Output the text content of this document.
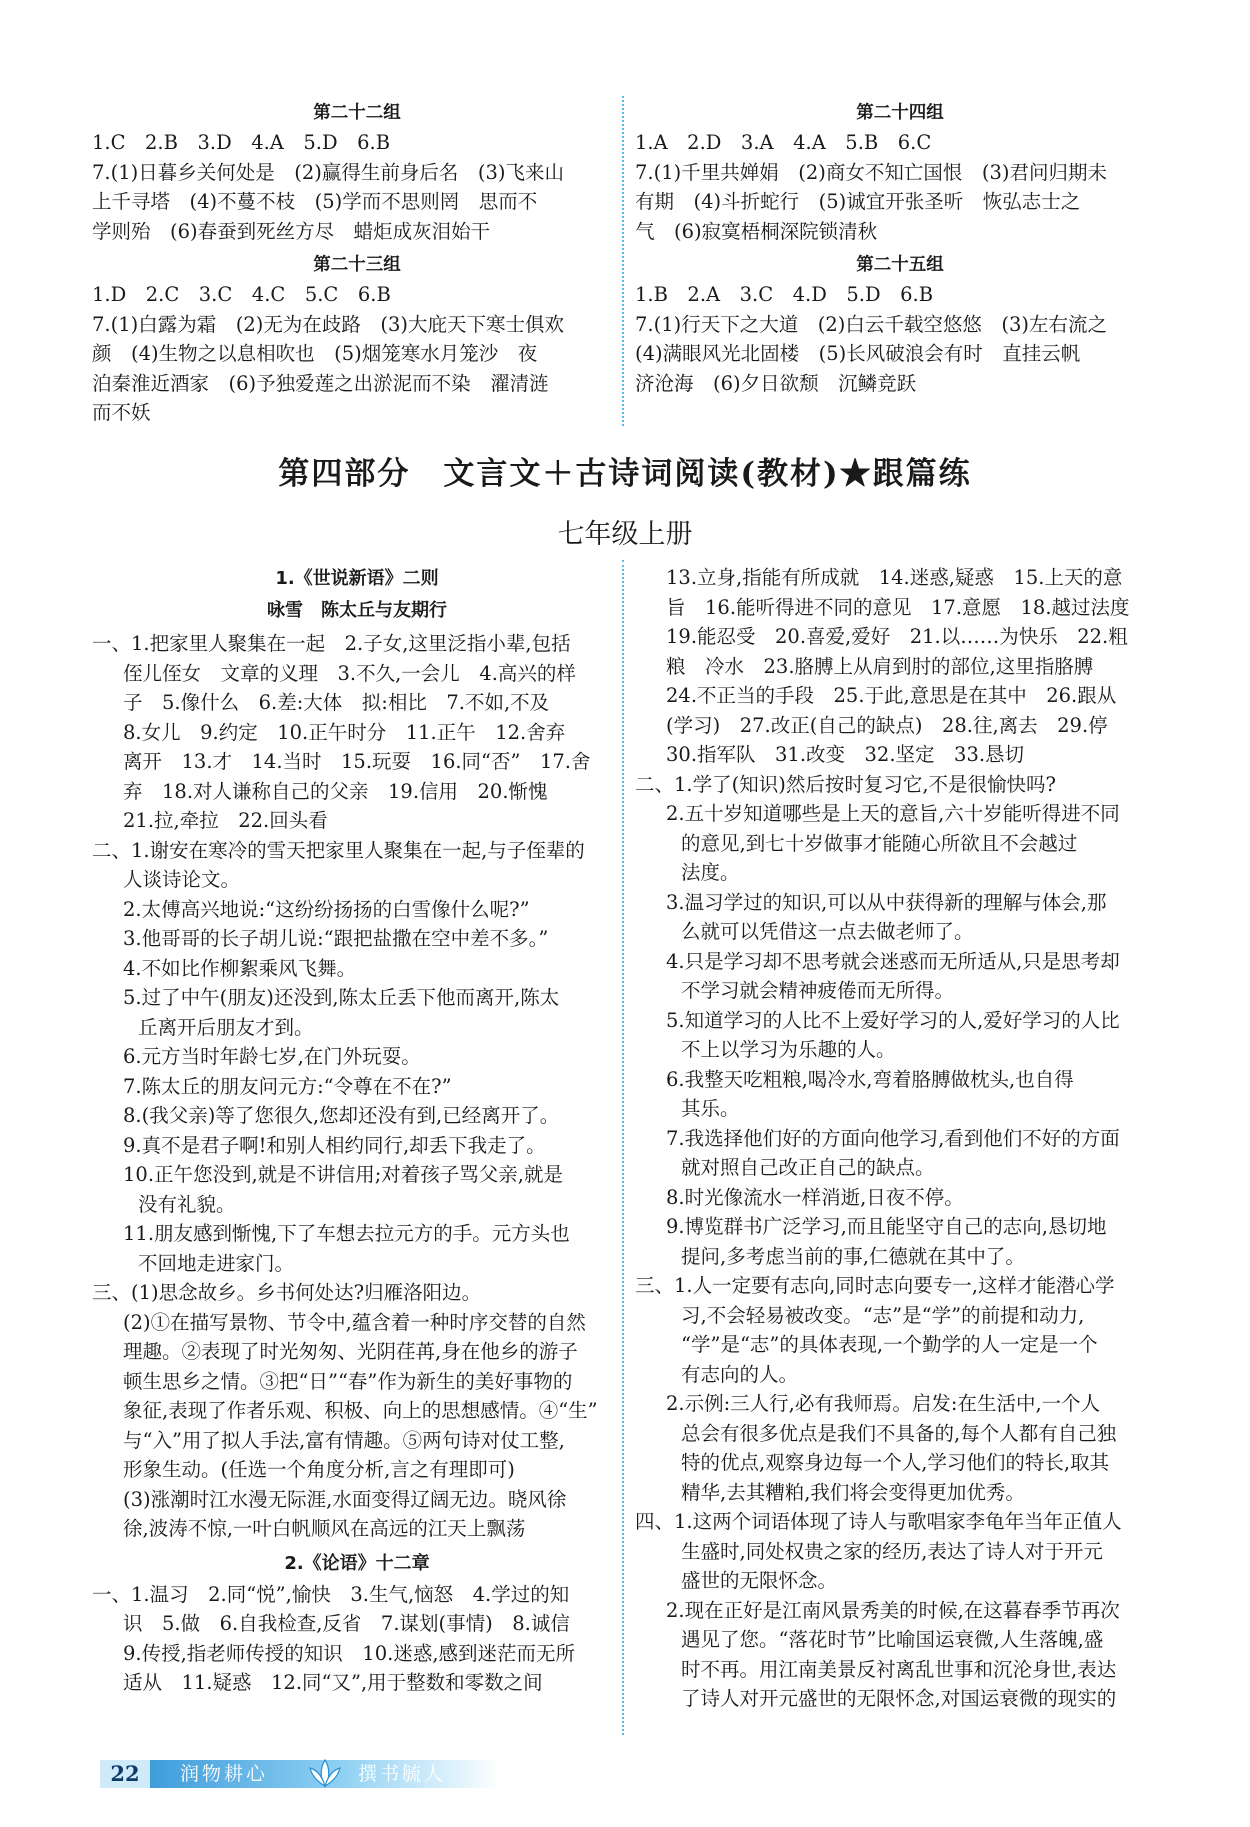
第二十二组
1.C　2.B　3.D　4.A　5.D　6.B
7.(1)日暮乡关何处是　(2)赢得生前身后名　(3)飞来山
上千寻塔　(4)不蔓不枝　(5)学而不思则罔　思而不
学则殆　(6)春蚕到死丝方尽　蜡炬成灰泪始干
第二十三组
1.D　2.C　3.C　4.C　5.C　6.B
7.(1)白露为霜　(2)无为在歧路　(3)大庇天下寒士俱欢
颜　(4)生物之以息相吹也　(5)烟笼寒水月笼沙　夜
泊秦淮近酒家　(6)予独爱莲之出淤泥而不染　濯清涟
而不妖
第二十四组
1.A　2.D　3.A　4.A　5.B　6.C
7.(1)千里共婵娟　(2)商女不知亡国恨　(3)君问归期未
有期　(4)斗折蛇行　(5)诚宜开张圣听　恢弘志士之
气　(6)寂寞梧桐深院锁清秋
第二十五组
1.B　2.A　3.C　4.D　5.D　6.B
7.(1)行天下之大道　(2)白云千载空悠悠　(3)左右流之
(4)满眼风光北固楼　(5)长风破浪会有时　直挂云帆
济沧海　(6)夕日欲颓　沉鳞竞跃
第四部分　文言文＋古诗词阅读(教材)★跟篇练
七年级上册
1.《世说新语》二则
咏雪　陈太丘与友期行
一、1.把家里人聚集在一起　2.子女,这里泛指小辈,包括
侄儿侄女　文章的义理　3.不久,一会儿　4.高兴的样
子　5.像什么　6.差:大体　拟:相比　7.不如,不及
8.女儿　9.约定　10.正午时分　11.正午　12.舍弃
离开　13.才　14.当时　15.玩耍　16.同“否”　17.舍
弃　18.对人谦称自己的父亲　19.信用　20.惭愧
21.拉,牵拉　22.回头看
二、1.谢安在寒冷的雪天把家里人聚集在一起,与子侄辈的
人谈诗论文。
2.太傅高兴地说:“这纷纷扬扬的白雪像什么呢?”
3.他哥哥的长子胡儿说:“跟把盐撒在空中差不多。”
4.不如比作柳絮乘风飞舞。
5.过了中午(朋友)还没到,陈太丘丢下他而离开,陈太
丘离开后朋友才到。
6.元方当时年龄七岁,在门外玩耍。
7.陈太丘的朋友问元方:“令尊在不在?”
8.(我父亲)等了您很久,您却还没有到,已经离开了。
9.真不是君子啊!和别人相约同行,却丢下我走了。
10.正午您没到,就是不讲信用;对着孩子骂父亲,就是
没有礼貌。
11.朋友感到惭愧,下了车想去拉元方的手。元方头也
不回地走进家门。
三、(1)思念故乡。乡书何处达?归雁洛阳边。
(2)①在描写景物、节令中,蕴含着一种时序交替的自然
理趣。②表现了时光匆匆、光阴荏苒,身在他乡的游子
顿生思乡之情。③把“日”“春”作为新生的美好事物的
象征,表现了作者乐观、积极、向上的思想感情。④“生”
与“入”用了拟人手法,富有情趣。⑤两句诗对仗工整,
形象生动。(任选一个角度分析,言之有理即可)
(3)涨潮时江水漫无际涯,水面变得辽阔无边。晓风徐
徐,波涛不惊,一叶白帆顺风在高远的江天上飘荡
2.《论语》十二章
一、1.温习　2.同“悦”,愉快　3.生气,恼怒　4.学过的知
识　5.做　6.自我检查,反省　7.谋划(事情)　8.诚信
9.传授,指老师传授的知识　10.迷惑,感到迷茫而无所
适从　11.疑惑　12.同“又”,用于整数和零数之间
13.立身,指能有所成就　14.迷惑,疑惑　15.上天的意
旨　16.能听得进不同的意见　17.意愿　18.越过法度
19.能忍受　20.喜爱,爱好　21.以……为快乐　22.粗
粮　冷水　23.胳膊上从肩到肘的部位,这里指胳膊
24.不正当的手段　25.于此,意思是在其中　26.跟从
(学习)　27.改正(自己的缺点)　28.往,离去　29.停
30.指军队　31.改变　32.坚定　33.恳切
二、1.学了(知识)然后按时复习它,不是很愉快吗?
2.五十岁知道哪些是上天的意旨,六十岁能听得进不同
的意见,到七十岁做事才能随心所欲且不会越过
法度。
3.温习学过的知识,可以从中获得新的理解与体会,那
么就可以凭借这一点去做老师了。
4.只是学习却不思考就会迷惑而无所适从,只是思考却
不学习就会精神疲倦而无所得。
5.知道学习的人比不上爱好学习的人,爱好学习的人比
不上以学习为乐趣的人。
6.我整天吃粗粮,喝冷水,弯着胳膊做枕头,也自得
其乐。
7.我选择他们好的方面向他学习,看到他们不好的方面
就对照自己改正自己的缺点。
8.时光像流水一样消逝,日夜不停。
9.博览群书广泛学习,而且能坚守自己的志向,恳切地
提问,多考虑当前的事,仁德就在其中了。
三、1.人一定要有志向,同时志向要专一,这样才能潜心学
习,不会轻易被改变。“志”是“学”的前提和动力,
“学”是“志”的具体表现,一个勤学的人一定是一个
有志向的人。
2.示例:三人行,必有我师焉。启发:在生活中,一个人
总会有很多优点是我们不具备的,每个人都有自己独
特的优点,观察身边每一个人,学习他们的特长,取其
精华,去其糟粕,我们将会变得更加优秀。
四、1.这两个词语体现了诗人与歌唱家李龟年当年正值人
生盛时,同处权贵之家的经历,表达了诗人对于开元
盛世的无限怀念。
2.现在正好是江南风景秀美的时候,在这暮春季节再次
遇见了您。“落花时节”比喻国运衰微,人生落魄,盛
时不再。用江南美景反衬离乱世事和沉沦身世,表达
了诗人对开元盛世的无限怀念,对国运衰微的现实的
22	润物耕心	撰书毓人
